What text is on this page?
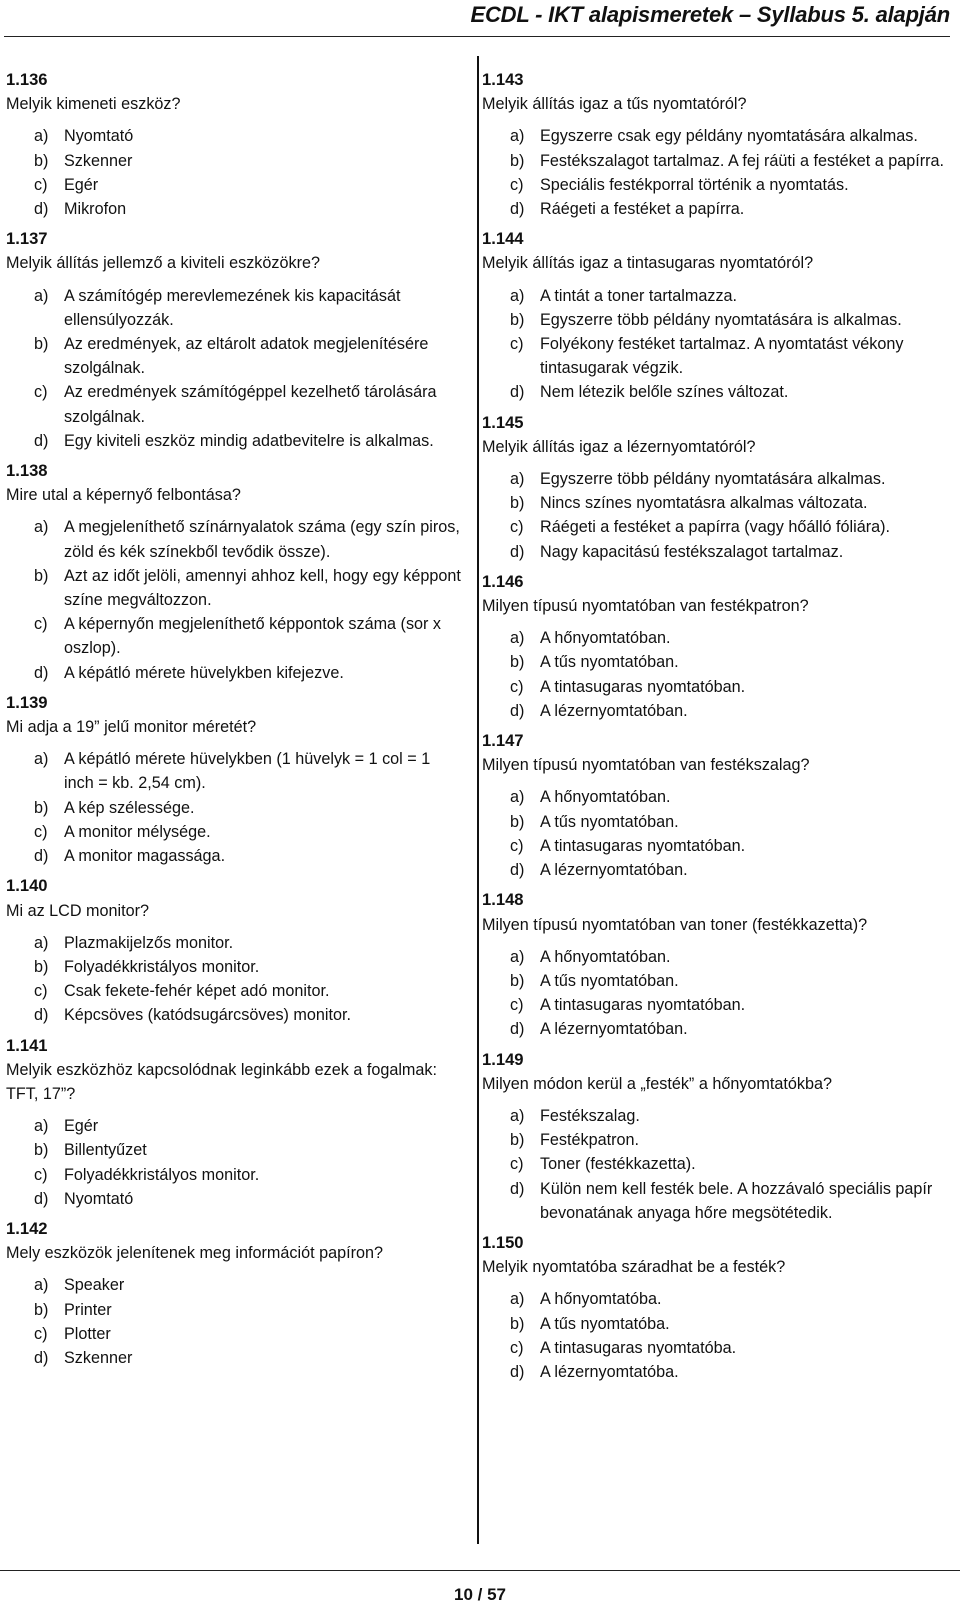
ECDL - IKT alapismeretek – Syllabus 5. alapján

1.136

Melyik kimeneti eszköz?

a) Nyomtató
b) Szkenner
c) Egér
d) Mikrofon

1.137

Melyik állítás jellemző a kiviteli eszközökre?

a) A számítógép merevlemezének kis kapacitását ellensúlyozzák.
b) Az eredmények, az eltárolt adatok megjelenítésére szolgálnak.
c) Az eredmények számítógéppel kezelhető tárolására szolgálnak.
d) Egy kiviteli eszköz mindig adatbevitelre is alkalmas.

1.138

Mire utal a képernyő felbontása?

a) A megjeleníthető színárnyalatok száma (egy szín piros, zöld és kék színekből tevődik össze).
b) Azt az időt jelöli, amennyi ahhoz kell, hogy egy képpont színe megváltozzon.
c) A képernyőn megjeleníthető képpontok száma (sor x oszlop).
d) A képátló mérete hüvelykben kifejezve.

1.139

Mi adja a 19” jelű monitor méretét?

a) A képátló mérete hüvelykben (1 hüvelyk = 1 col = 1 inch = kb. 2,54 cm).
b) A kép szélessége.
c) A monitor mélysége.
d) A monitor magassága.

1.140

Mi az LCD monitor?

a) Plazmakijelzős monitor.
b) Folyadékkristályos monitor.
c) Csak fekete-fehér képet adó monitor.
d) Képcsöves (katódsugárcsöves) monitor.

1.141

Melyik eszközhöz kapcsolódnak leginkább ezek a fogalmak: TFT, 17”?

a) Egér
b) Billentyűzet
c) Folyadékkristályos monitor.
d) Nyomtató

1.142

Mely eszközök jelenítenek meg információt papíron?

a) Speaker
b) Printer
c) Plotter
d) Szkenner

1.143

Melyik állítás igaz a tűs nyomtatóról?

a) Egyszerre csak egy példány nyomtatására alkalmas.
b) Festékszalagot tartalmaz. A fej ráüti a festéket a papírra.
c) Speciális festékporral történik a nyomtatás.
d) Ráégeti a festéket a papírra.

1.144

Melyik állítás igaz a tintasugaras nyomtatóról?

a) A tintát a toner tartalmazza.
b) Egyszerre több példány nyomtatására is alkalmas.
c) Folyékony festéket tartalmaz. A nyomtatást vékony tintasugarak végzik.
d) Nem létezik belőle színes változat.

1.145

Melyik állítás igaz a lézernyomtatóról?

a) Egyszerre több példány nyomtatására alkalmas.
b) Nincs színes nyomtatásra alkalmas változata.
c) Ráégeti a festéket a papírra (vagy hőálló fóliára).
d) Nagy kapacitású festékszalagot tartalmaz.

1.146

Milyen típusú nyomtatóban van festékpatron?

a) A hőnyomtatóban.
b) A tűs nyomtatóban.
c) A tintasugaras nyomtatóban.
d) A lézernyomtatóban.

1.147

Milyen típusú nyomtatóban van festékszalag?

a) A hőnyomtatóban.
b) A tűs nyomtatóban.
c) A tintasugaras nyomtatóban.
d) A lézernyomtatóban.

1.148

Milyen típusú nyomtatóban van toner (festékkazetta)?

a) A hőnyomtatóban.
b) A tűs nyomtatóban.
c) A tintasugaras nyomtatóban.
d) A lézernyomtatóban.

1.149

Milyen módon kerül a „festék” a hőnyomtatókba?

a) Festékszalag.
b) Festékpatron.
c) Toner (festékkazetta).
d) Külön nem kell festék bele. A hozzávaló speciális papír bevonatának anyaga hőre megsötétedik.

1.150

Melyik nyomtatóba száradhat be a festék?

a) A hőnyomtatóba.
b) A tűs nyomtatóba.
c) A tintasugaras nyomtatóba.
d) A lézernyomtatóba.
10 / 57
